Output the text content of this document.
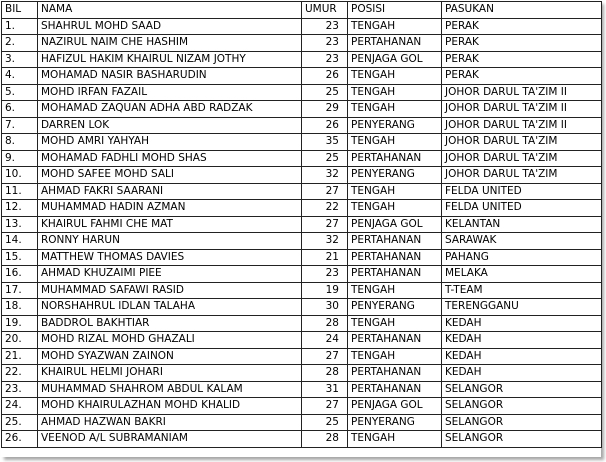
BIL	NAMA	UMUR	POSISI	PASUKAN
1.	SHAHRUL MOHD SAAD	23	TENGAH	PERAK
2.	NAZIRUL NAIM CHE HASHIM	23	PERTAHANAN	PERAK
3.	HAFIZUL HAKIM KHAIRUL NIZAM JOTHY	23	PENJAGA GOL	PERAK
4.	MOHAMAD NASIR BASHARUDIN	26	TENGAH	PERAK
5.	MOHD IRFAN FAZAIL	25	TENGAH	JOHOR DARUL TA'ZIM II
6.	MOHAMAD ZAQUAN ADHA ABD RADZAK	29	TENGAH	JOHOR DARUL TA'ZIM II
7.	DARREN LOK	26	PENYERANG	JOHOR DARUL TA'ZIM II
8.	MOHD AMRI YAHYAH	35	TENGAH	JOHOR DARUL TA'ZIM
9.	MOHAMAD FADHLI MOHD SHAS	25	PERTAHANAN	JOHOR DARUL TA'ZIM
10.	MOHD SAFEE MOHD SALI	32	PENYERANG	JOHOR DARUL TA'ZIM
11.	AHMAD FAKRI SAARANI	27	TENGAH	FELDA UNITED
12.	MUHAMMAD HADIN AZMAN	22	TENGAH	FELDA UNITED
13.	KHAIRUL FAHMI CHE MAT	27	PENJAGA GOL	KELANTAN
14.	RONNY HARUN	32	PERTAHANAN	SARAWAK
15.	MATTHEW THOMAS DAVIES	21	PERTAHANAN	PAHANG
16.	AHMAD KHUZAIMI PIEE	23	PERTAHANAN	MELAKA
17.	MUHAMMAD SAFAWI RASID	19	TENGAH	T-TEAM
18.	NORSHAHRUL IDLAN TALAHA	30	PENYERANG	TERENGGANU
19.	BADDROL BAKHTIAR	28	TENGAH	KEDAH
20.	MOHD RIZAL MOHD GHAZALI	24	PERTAHANAN	KEDAH
21.	MOHD SYAZWAN ZAINON	27	TENGAH	KEDAH
22.	KHAIRUL HELMI JOHARI	28	PERTAHANAN	KEDAH
23.	MUHAMMAD SHAHROM ABDUL KALAM	31	PERTAHANAN	SELANGOR
24.	MOHD KHAIRULAZHAN MOHD KHALID	27	PENJAGA GOL	SELANGOR
25.	AHMAD HAZWAN BAKRI	25	PENYERANG	SELANGOR
26.	VEENOD A/L SUBRAMANIAM	28	TENGAH	SELANGOR
